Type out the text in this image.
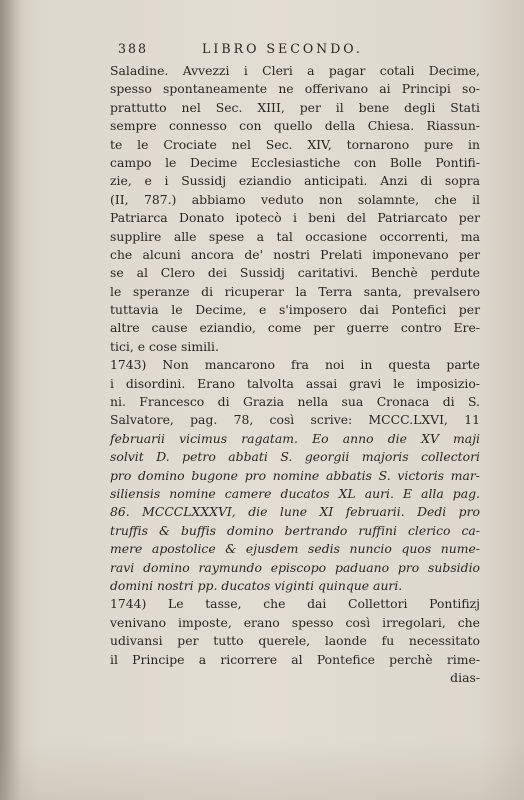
388	LIBRO SECONDO.
Saladine. Avvezzi i Cleri a pagar cotali Decime,
spesso spontaneamente ne offerivano ai Principi so-
prattutto nel Sec. XIII, per il bene degli Stati
sempre connesso con quello della Chiesa. Riassun-
te le Crociate nel Sec. XIV, tornarono pure in
campo le Decime Ecclesiastiche con Bolle Pontifi-
zie, e i Sussidj eziandio anticipati. Anzi di sopra
(II, 787.) abbiamo veduto non solamnte, che il
Patriarca Donato ipotecò i beni del Patriarcato per
supplire alle spese a tal occasione occorrenti, ma
che alcuni ancora de' nostri Prelati imponevano per
se al Clero dei Sussidj caritativi. Benchè perdute
le speranze di ricuperar la Terra santa, prevalsero
tuttavia le Decime, e s'imposero dai Pontefici per
altre cause eziandio, come per guerre contro Ere-
tici, e cose simili.
1743) Non mancarono fra noi in questa parte
i disordini. Erano talvolta assai gravi le imposizio-
ni. Francesco di Grazia nella sua Cronaca di S.
Salvatore, pag. 78, così scrive: MCCC.LXVI, 11
februarii vicimus ragatam. Eo anno die XV maji
solvit D. petro abbati S. georgii majoris collectori
pro domino bugone pro nomine abbatis S. victoris mar-
siliensis nomine camere ducatos XL auri. E alla pag.
86. MCCCLXXXVI, die lune XI februarii. Dedi pro
truffis & buffis domino bertrando ruffini clerico ca-
mere apostolice & ejusdem sedis nuncio quos nume-
ravi domino raymundo episcopo paduano pro subsidio
domini nostri pp. ducatos viginti quinque auri.
1744) Le tasse, che dai Collettori Pontifizj
venivano imposte, erano spesso così irregolari, che
udivansi per tutto querele, laonde fu necessitato
il Principe a ricorrere al Pontefice perchè rime-
dias-
